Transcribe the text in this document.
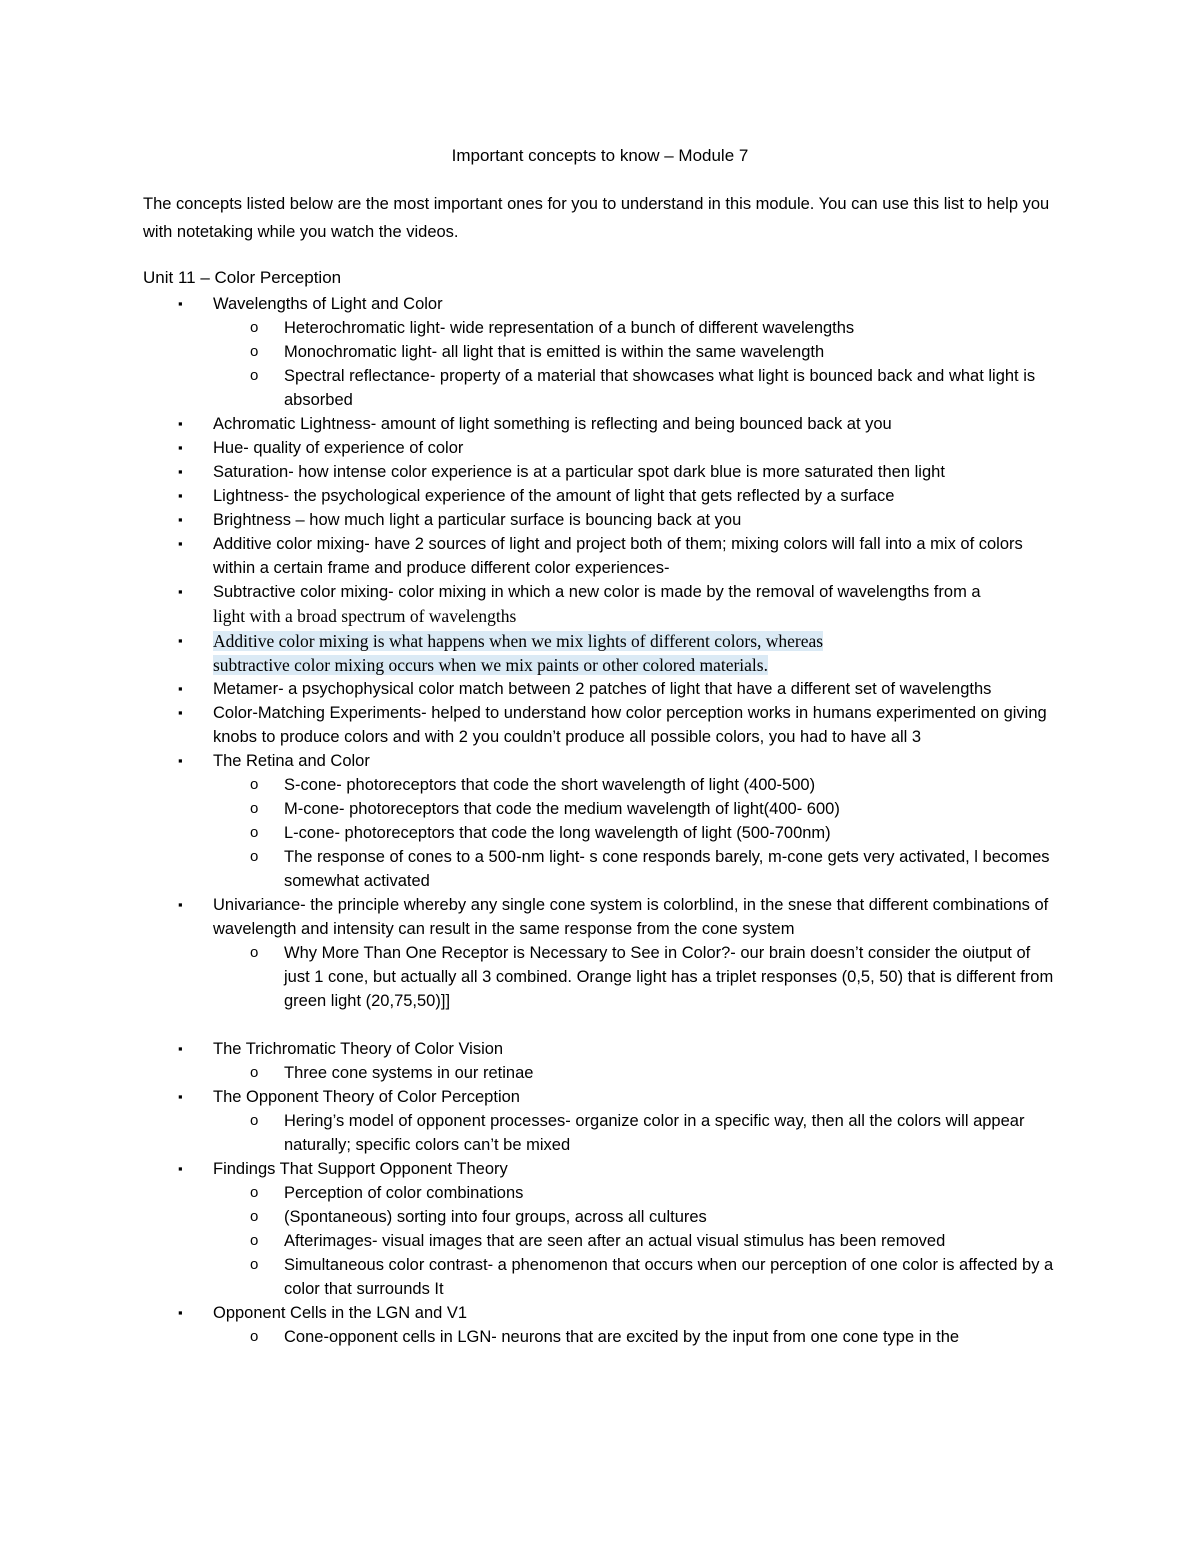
Important concepts to know – Module 7
The concepts listed below are the most important ones for you to understand in this module. You can use this list to help you with notetaking while you watch the videos.
Unit 11 – Color Perception
▪ Wavelengths of Light and Color
o Heterochromatic light- wide representation of a bunch of different wavelengths
o Monochromatic light- all light that is emitted is within the same wavelength
o Spectral reflectance- property of a material that showcases what light is bounced back and what light is absorbed
▪ Achromatic Lightness- amount of light something is reflecting and being bounced back at you
▪ Hue- quality of experience of color
▪ Saturation- how intense color experience is at a particular spot dark blue is more saturated then light
▪ Lightness- the psychological experience of the amount of light that gets reflected by a surface
▪ Brightness – how much light a particular surface is bouncing back at you
▪ Additive color mixing- have 2 sources of light and project both of them; mixing colors will fall into a mix of colors within a certain frame and produce different color experiences-
▪ Subtractive color mixing- color mixing in which a new color is made by the removal of wavelengths from a
light with a broad spectrum of wavelengths
▪ Additive color mixing is what happens when we mix lights of different colors, whereas
subtractive color mixing occurs when we mix paints or other colored materials.
▪ Metamer- a psychophysical color match between 2 patches of light that have a different set of wavelengths
▪ Color-Matching Experiments- helped to understand how color perception works in humans experimented on giving knobs to produce colors and with 2 you couldn’t produce all possible colors, you had to have all 3
▪ The Retina and Color
o S-cone- photoreceptors that code the short wavelength of light (400-500)
o M-cone- photoreceptors that code the medium wavelength of light(400- 600)
o L-cone- photoreceptors that code the long wavelength of light (500-700nm)
o The response of cones to a 500-nm light- s cone responds barely, m-cone gets very activated, l becomes somewhat activated
▪ Univariance- the principle whereby any single cone system is colorblind, in the snese that different combinations of wavelength and intensity can result in the same response from the cone system
o Why More Than One Receptor is Necessary to See in Color?- our brain doesn’t consider the oiutput of just 1 cone, but actually all 3 combined. Orange light has a triplet responses (0,5, 50) that is different from green light (20,75,50)]]
▪ The Trichromatic Theory of Color Vision
o Three cone systems in our retinae
▪ The Opponent Theory of Color Perception
o Hering’s model of opponent processes- organize color in a specific way, then all the colors will appear naturally; specific colors can’t be mixed
▪ Findings That Support Opponent Theory
o Perception of color combinations
o (Spontaneous) sorting into four groups, across all cultures
o Afterimages- visual images that are seen after an actual visual stimulus has been removed
o Simultaneous color contrast- a phenomenon that occurs when our perception of one color is affected by a color that surrounds It
▪ Opponent Cells in the LGN and V1
o Cone-opponent cells in LGN- neurons that are excited by the input from one cone type in the
